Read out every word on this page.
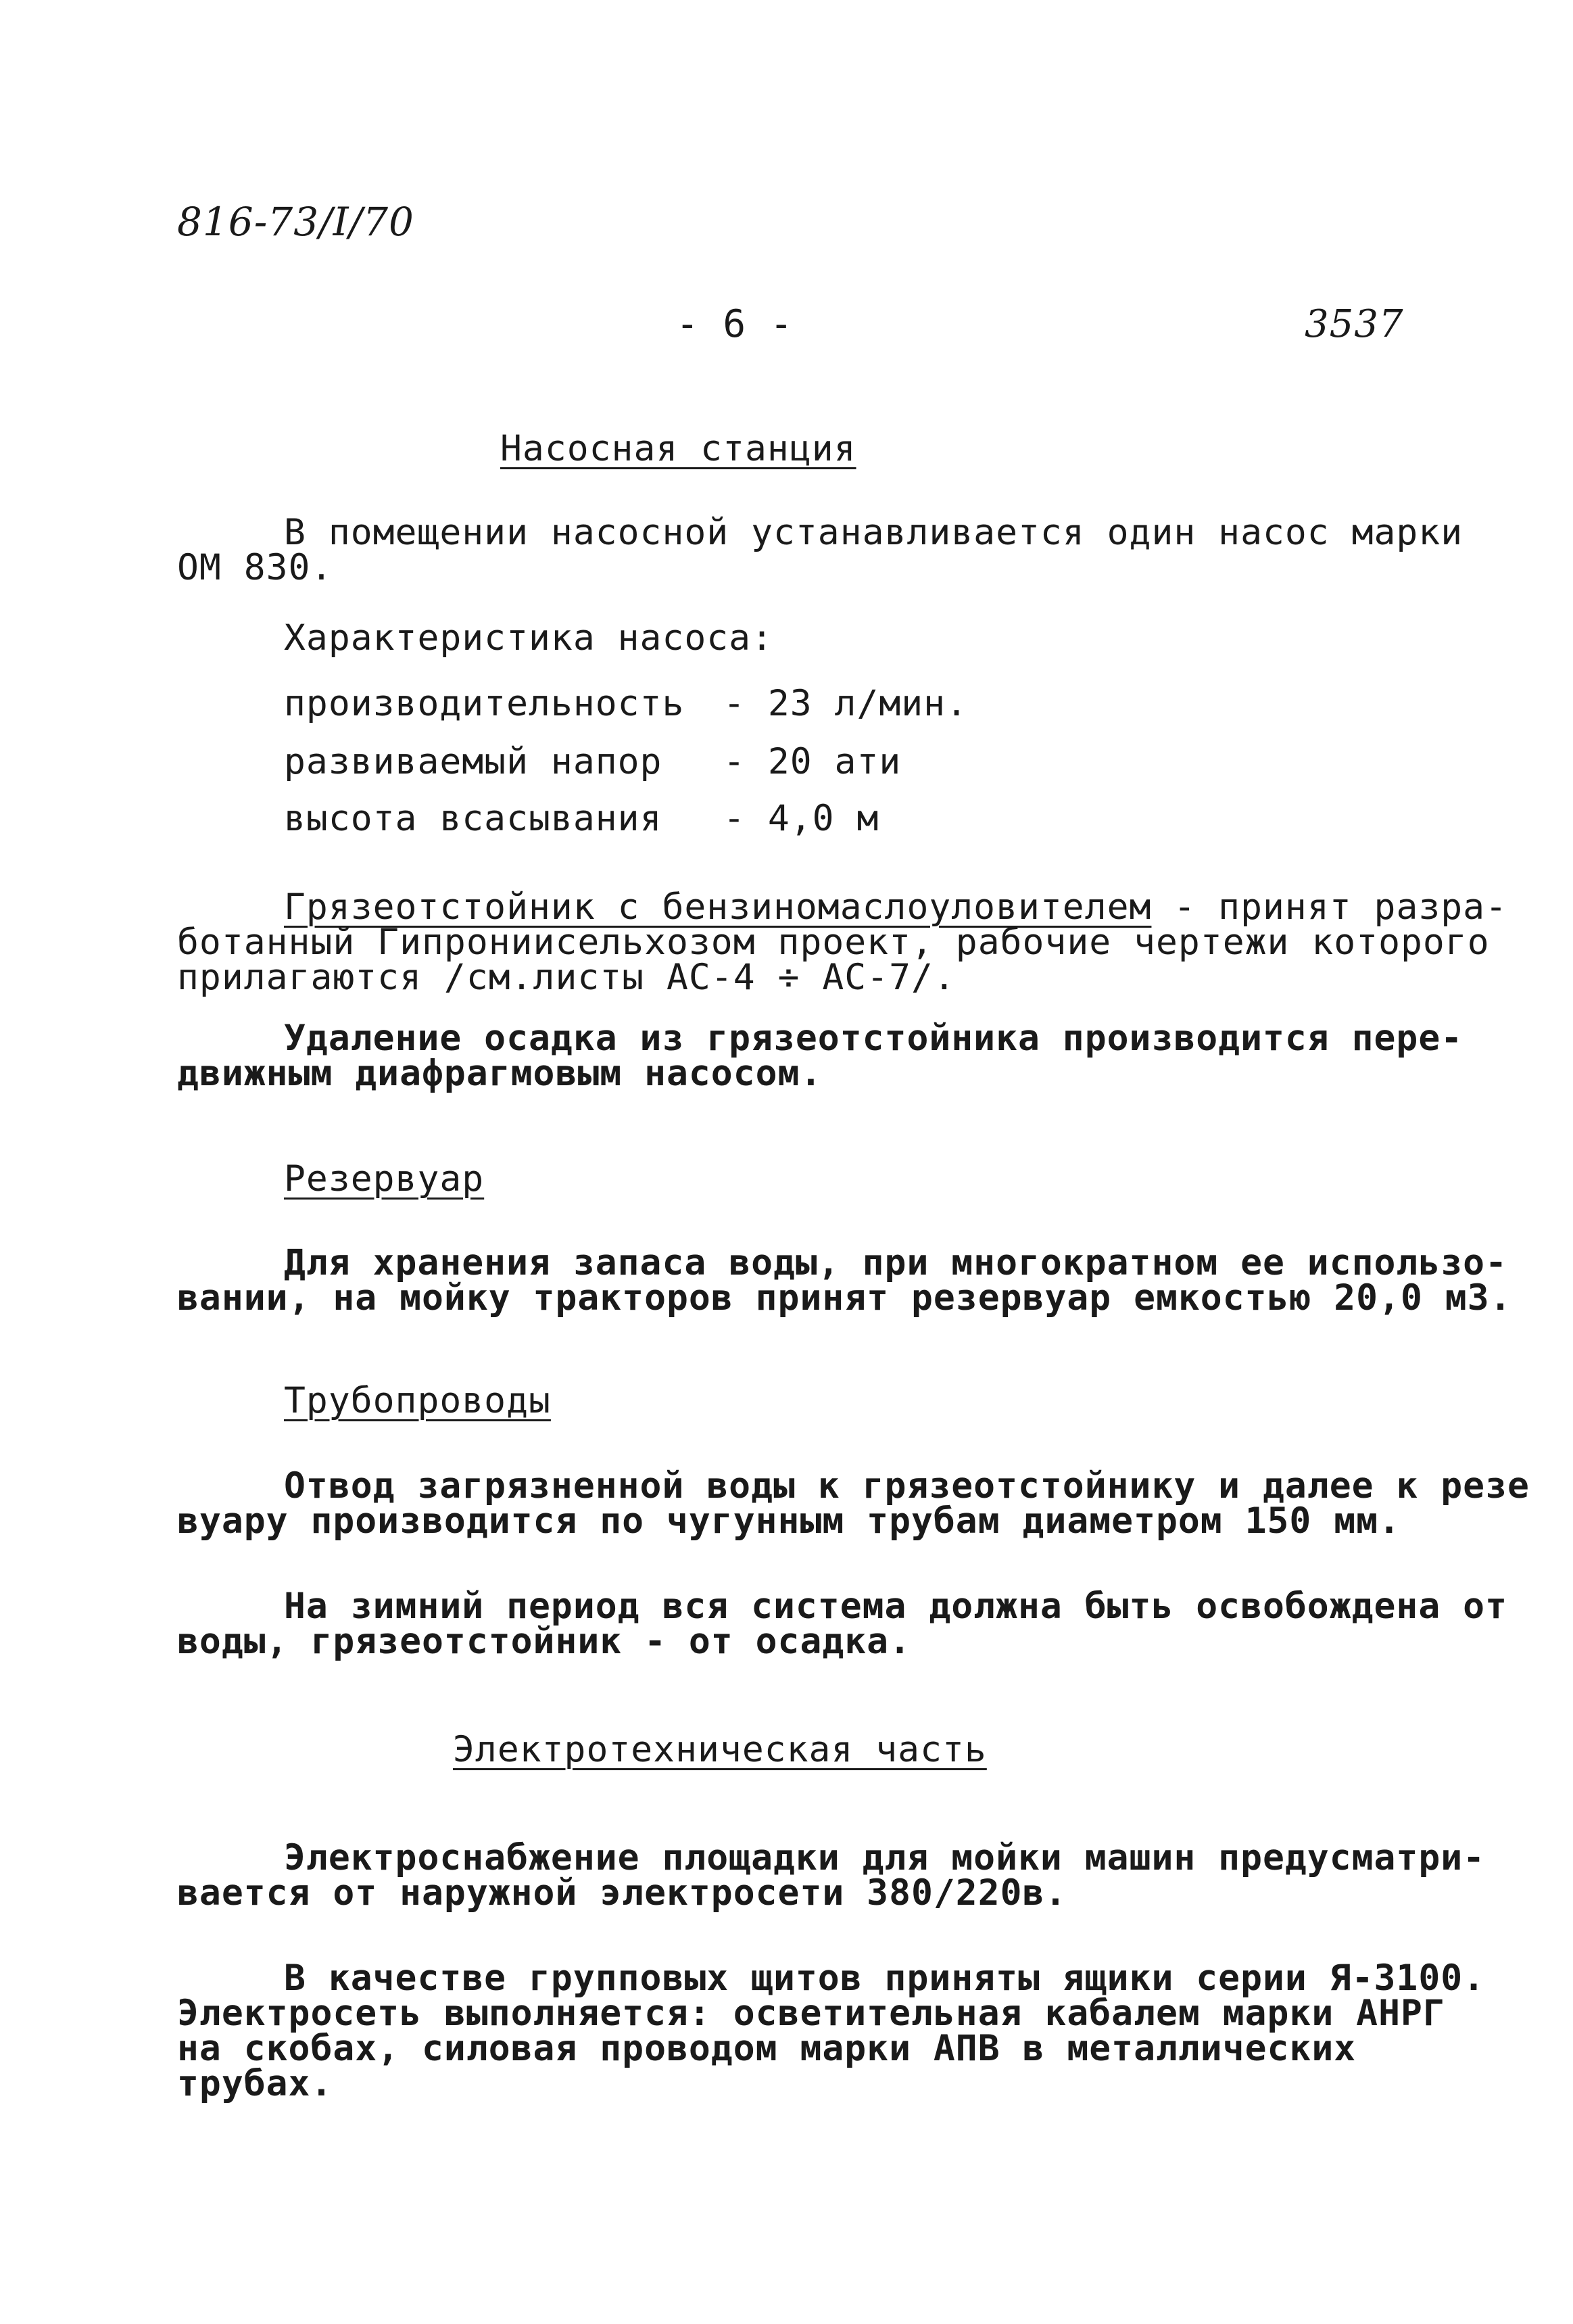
816-73/I/70
- 6 -	3537
Насосная станция
В помещении насосной устанавливается один насос марки
ОМ 830.
Характеристика насоса:
производительность - 23 л/мин.
развиваемый напор - 20 ати
высота всасывания - 4,0 м
Грязеотстойник с бензиномаслоуловителем - принят разра-
ботанный Гипрониисельхозом проект, рабочие чертежи которого
прилагаются /см.листы АС-4 ÷ АС-7/.
Удаление осадка из грязеотстойника производится пере-
движным диафрагмовым насосом.
Резервуар
Для хранения запаса воды, при многократном ее использо-
вании, на мойку тракторов принят резервуар емкостью 20,0 м3.
Трубопроводы
Отвод загрязненной воды к грязеотстойнику и далее к резе
вуару производится по чугунным трубам диаметром 150 мм.
На зимний период вся система должна быть освобождена от
воды, грязеотстойник - от осадка.
Электротехническая часть
Электроснабжение площадки для мойки машин предусматри-
вается от наружной электросети 380/220в.
В качестве групповых щитов приняты ящики серии Я-3100.
Электросеть выполняется: осветительная кабалем марки АНРГ
на скобах, силовая проводом марки АПВ в металлических
трубах.
